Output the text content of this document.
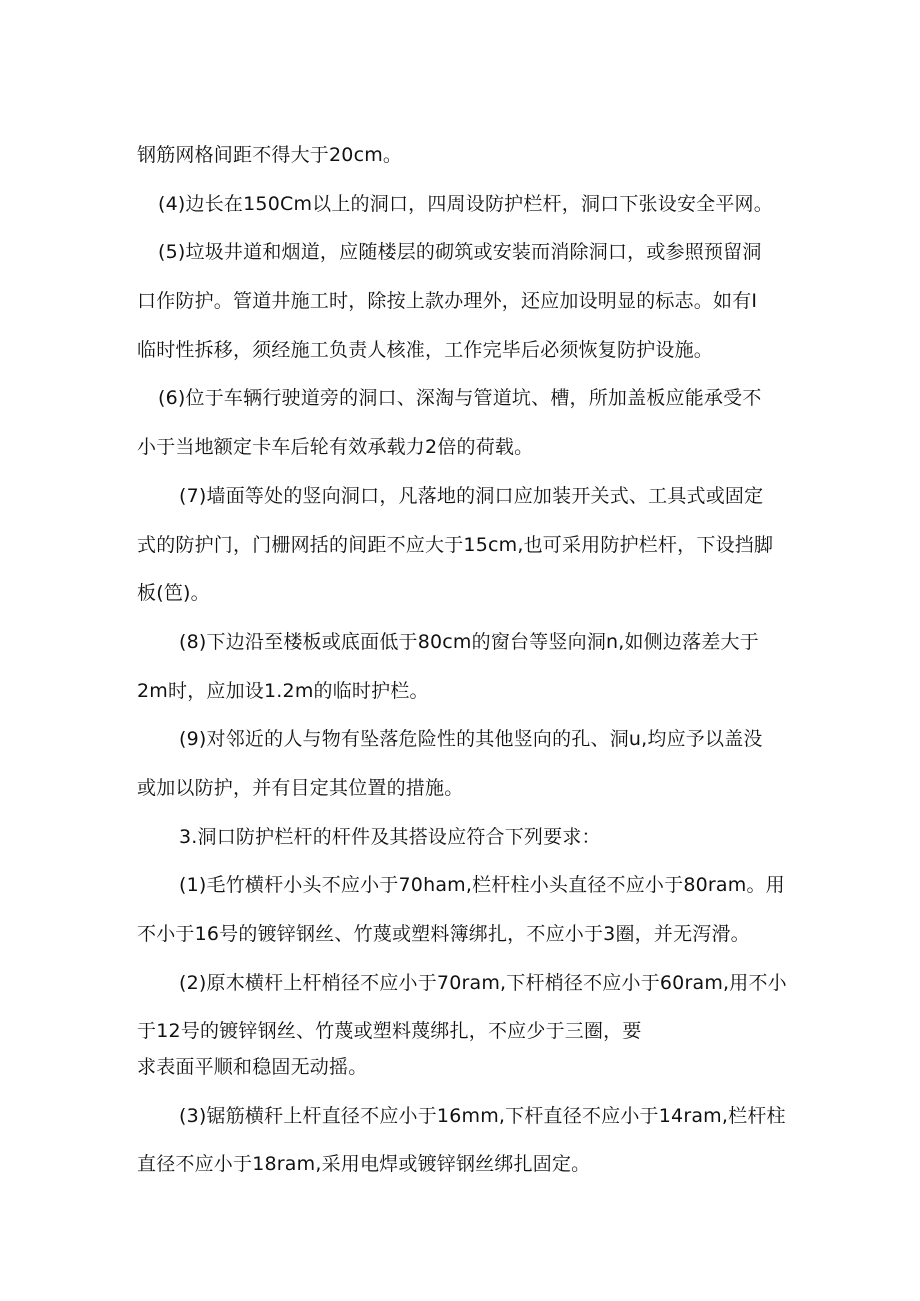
钢筋网格间距不得大于20cm。
(4)边长在150Cm以上的洞口，四周设防护栏杆，洞口下张设安全平网。
(5)垃圾井道和烟道，应随楼层的砌筑或安装而消除洞口，或参照预留洞
口作防护。管道井施工时，除按上款办理外，还应加设明显的标志。如有I
临时性拆移，须经施工负责人核准，工作完毕后必须恢复防护设施。
(6)位于车辆行驶道旁的洞口、深淘与管道坑、槽，所加盖板应能承受不
小于当地额定卡车后轮有效承载力2倍的荷载。
(7)墙面等处的竖向洞口，凡落地的洞口应加装开关式、工具式或固定
式的防护门，门栅网括的间距不应大于15cm,也可采用防护栏杆，下设挡脚
板(笆)。
(8)下边沿至楼板或底面低于80cm的窗台等竖向洞n,如侧边落差大于
2m时，应加设1.2m的临时护栏。
(9)对邻近的人与物有坠落危险性的其他竖向的孔、洞u,均应予以盖没
或加以防护，并有目定其位置的措施。
3.洞口防护栏杆的杆件及其搭设应符合下列要求：
(1)毛竹横杆小头不应小于70ham,栏杆柱小头直径不应小于80ram。用
不小于16号的镀锌钢丝、竹蔑或塑料簿绑扎，不应小于3圈，并无泻滑。
(2)原木横杆上杆梢径不应小于70ram,下杆梢径不应小于60ram,用不小
于12号的镀锌钢丝、竹蔑或塑料蔑绑扎，不应少于三圈，要
求表面平顺和稳固无动摇。
(3)锯筋横秆上杆直径不应小于16mm,下杆直径不应小于14ram,栏杆柱
直径不应小于18ram,采用电焊或镀锌钢丝绑扎固定。
